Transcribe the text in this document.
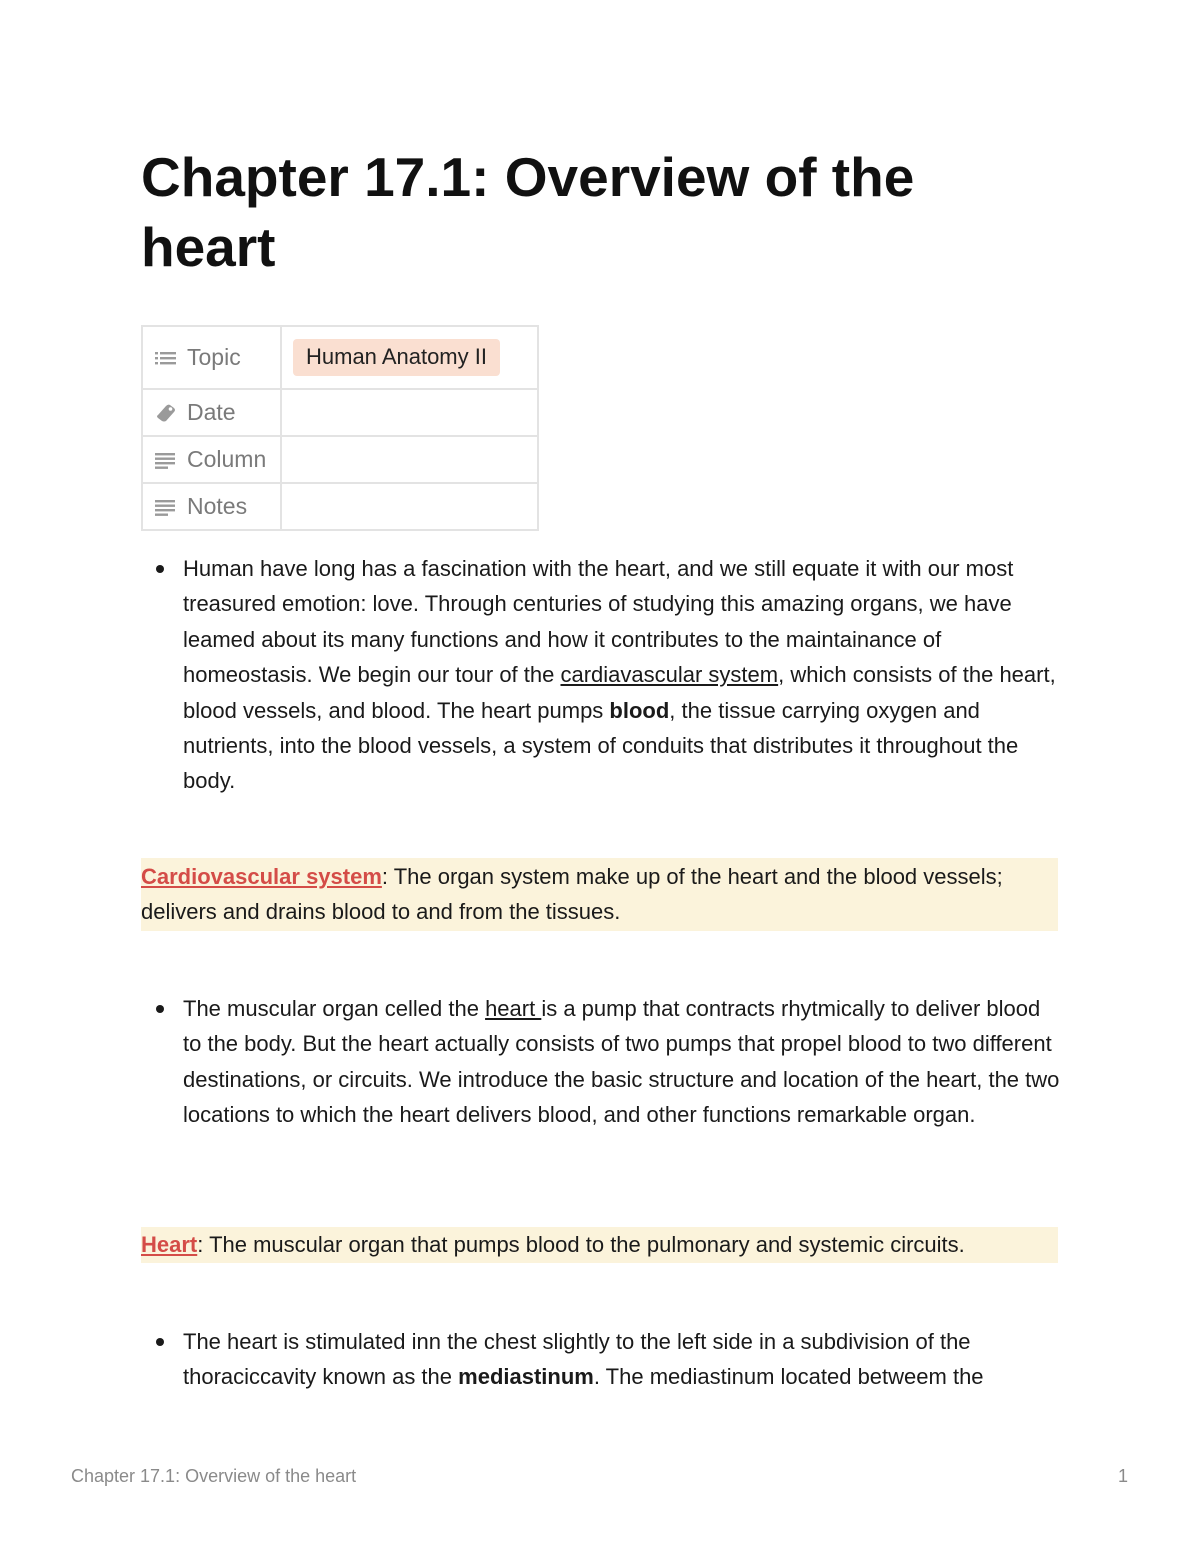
Chapter 17.1: Overview of the heart
Topic	Human Anatomy II

Date	

Column	

Notes	

Human have long has a fascination with the heart, and we still equate it with our most treasured emotion: love. Through centuries of studying this amazing organs, we have leamed about its many functions and how it contributes to the maintainance of homeostasis. We begin our tour of the cardiavascular system, which consists of the heart, blood vessels, and blood. The heart pumps blood, the tissue carrying oxygen and nutrients, into the blood vessels, a system of conduits that distributes it throughout the body.

Cardiovascular system: The organ system make up of the heart and the blood vessels; delivers and drains blood to and from the tissues.

The muscular organ celled the heart is a pump that contracts rhytmically to deliver blood to the body. But the heart actually consists of two pumps that propel blood to two different destinations, or circuits. We introduce the basic structure and location of the heart, the two locations to which the heart delivers blood, and other functions remarkable organ.

Heart: The muscular organ that pumps blood to the pulmonary and systemic circuits.

The heart is stimulated inn the chest slightly to the left side in a subdivision of the thoraciccavity known as the mediastinum. The mediastinum located betweem the

Chapter 17.1: Overview of the heart	1
